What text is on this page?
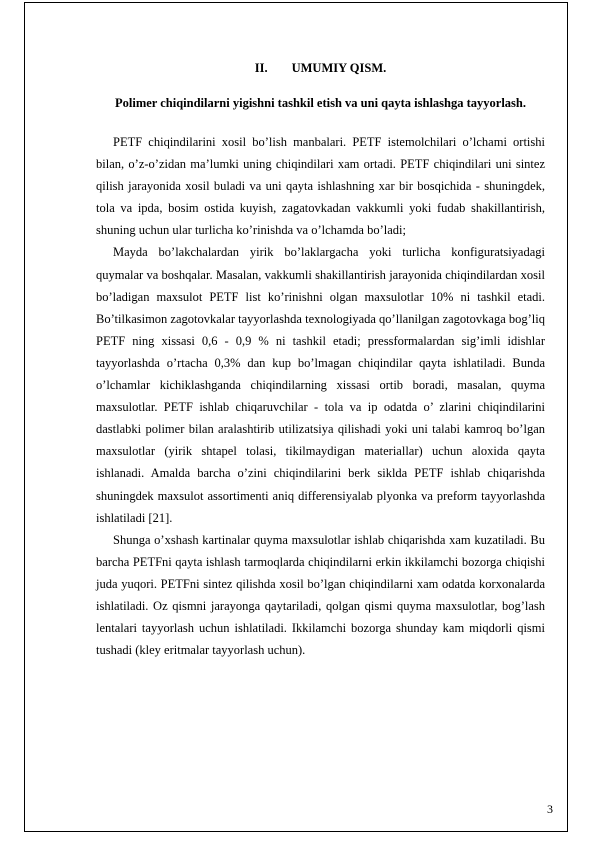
II. UMUMIY QISM.

Polimer chiqindilarni yigishni tashkil etish va uni qayta ishlashga tayyorlash.

PETF chiqindilarini xosil bo’lish manbalari. PETF istemolchilari o’lchami ortishi bilan, o’z-o’zidan ma’lumki uning chiqindilari xam ortadi. PETF chiqindilari uni sintez qilish jarayonida xosil buladi va uni qayta ishlashning xar bir bosqichida - shuningdek, tola va ipda, bosim ostida kuyish, zagatovkadan vakkumli yoki fudab shakillantirish, shuning uchun ular turlicha ko’rinishda va o’lchamda bo’ladi;

Mayda bo’lakchalardan yirik bo’laklargacha yoki turlicha konfiguratsiyadagi quymalar va boshqalar. Masalan, vakkumli shakillantirish jarayonida chiqindilardan xosil bo’ladigan maxsulot PETF list ko’rinishni olgan maxsulotlar 10% ni tashkil etadi. Bo’tilkasimon zagotovkalar tayyorlashda texnologiyada qo’llanilgan zagotovkaga bog’liq PETF ning xissasi 0,6 - 0,9 % ni tashkil etadi; pressformalardan sig’imli idishlar tayyorlashda o’rtacha 0,3% dan kup bo’lmagan chiqindilar qayta ishlatiladi. Bunda o’lchamlar kichiklashganda chiqindilarning xissasi ortib boradi, masalan, quyma maxsulotlar. PETF ishlab chiqaruvchilar - tola va ip odatda o’ zlarini chiqindilarini dastlabki polimer bilan aralashtirib utilizatsiya qilishadi yoki uni talabi kamroq bo’lgan maxsulotlar (yirik shtapel tolasi, tikilmaydigan materiallar) uchun aloxida qayta ishlanadi. Amalda barcha o’zini chiqindilarini berk siklda PETF ishlab chiqarishda shuningdek maxsulot assortimenti aniq differensiyalab plyonka va preform tayyorlashda ishlatiladi [21].

Shunga o’xshash kartinalar quyma maxsulotlar ishlab chiqarishda xam kuzatiladi. Bu barcha PETFni qayta ishlash tarmoqlarda chiqindilarni erkin ikkilamchi bozorga chiqishi juda yuqori. PETFni sintez qilishda xosil bo’lgan chiqindilarni xam odatda korxonalarda ishlatiladi. Oz qismni jarayonga qaytariladi, qolgan qismi quyma maxsulotlar, bog’lash lentalari tayyorlash uchun ishlatiladi. Ikkilamchi bozorga shunday kam miqdorli qismi tushadi (kley eritmalar tayyorlash uchun).

3
